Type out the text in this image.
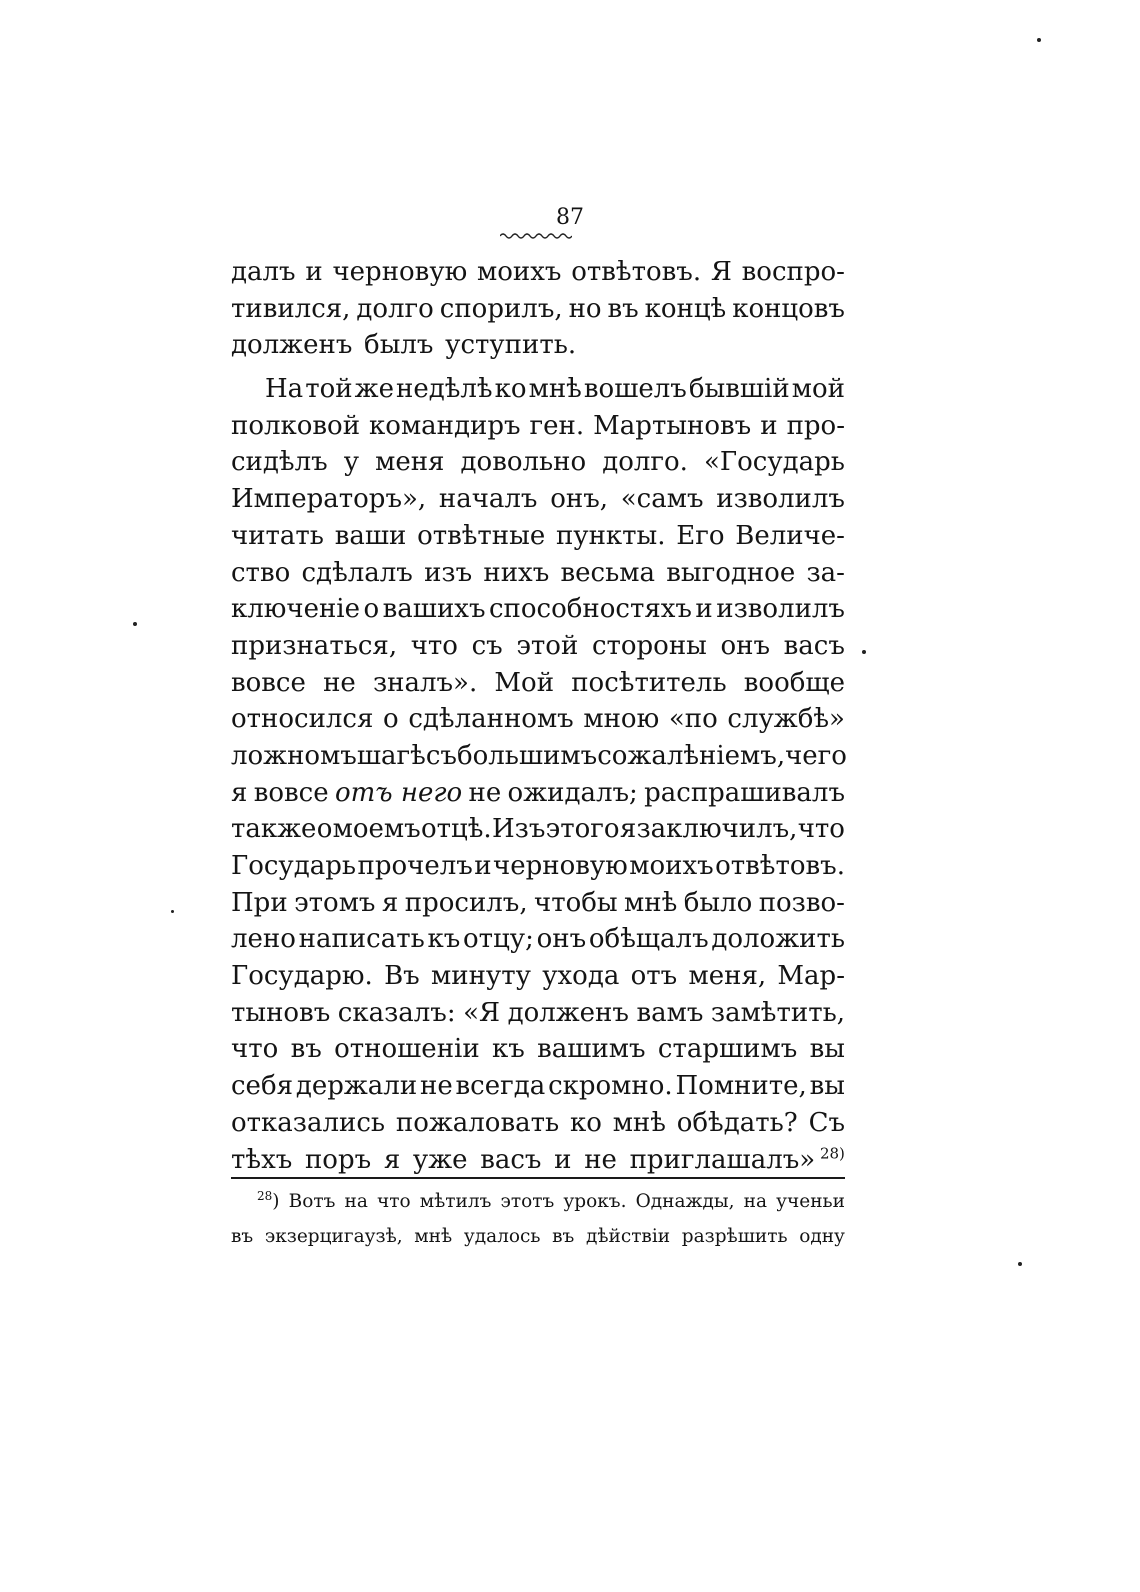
87
далъ и черновую моихъ отвѣтовъ. Я воспро-
тивился, долго спорилъ, но въ концѣ концовъ
долженъ былъ уступить.
На той же недѣлѣ ко мнѣ вошелъ бывшій мой
полковой командиръ ген. Мартыновъ и про-
сидѣлъ у меня довольно долго. «Государь
Императоръ», началъ онъ, «самъ изволилъ
читать ваши отвѣтные пункты. Его Величе-
ство сдѣлалъ изъ нихъ весьма выгодное за-
ключеніе о вашихъ способностяхъ и изволилъ
признаться, что съ этой стороны онъ васъ
вовсе не зналъ». Мой посѣтитель вообще
относился о сдѣланномъ мною «по службѣ»
ложномъ шагѣ съ большимъ сожалѣніемъ, чего
я вовсе отъ него не ожидалъ; распрашивалъ
также о моемъ отцѣ. Изъ этого я заключилъ, что
Государь прочелъ и черновую моихъ отвѣтовъ.
При этомъ я просилъ, чтобы мнѣ было позво-
лено написать къ отцу; онъ обѣщалъ доложить
Государю. Въ минуту ухода отъ меня, Мар-
тыновъ сказалъ: «Я долженъ вамъ замѣтить,
что въ отношеніи къ вашимъ старшимъ вы
себя держали не всегда скромно. Помните, вы
отказались пожаловать ко мнѣ обѣдать? Съ
тѣхъ поръ я уже васъ и не приглашалъ» $^{28)}$
$^{28}$) Вотъ на что мѣтилъ этотъ урокъ. Однажды, на ученьи
въ экзерцигаузѣ, мнѣ удалось въ дѣйствіи разрѣшить одну
